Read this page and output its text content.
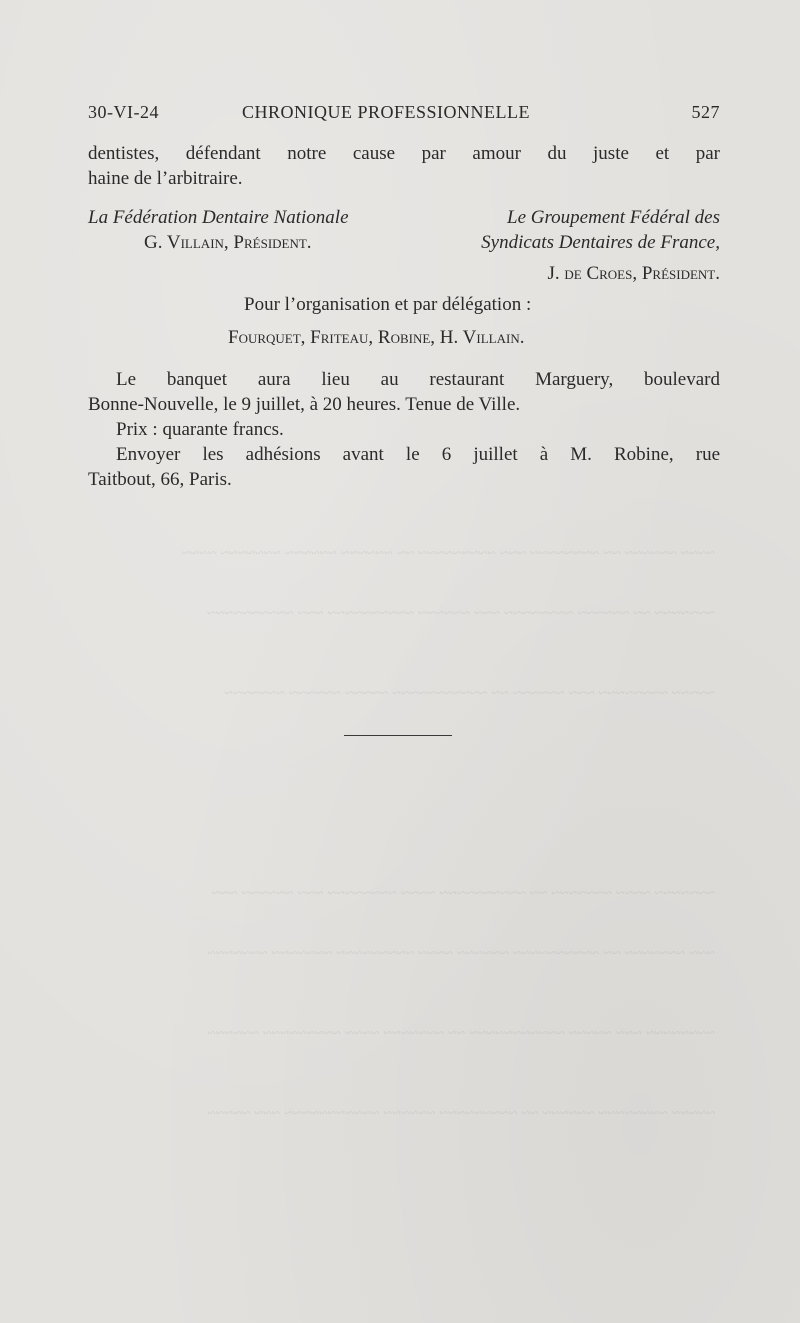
~~~~ ~~~~~~ ~~ ~~~~~~~~ ~~~ ~~~~~~~~~ ~~ ~~~~~~ ~~~~~~ ~~~~~~~ ~~~~
~~~~~~~ ~~ ~~~~~~ ~~~~~~~~ ~~~ ~~~~~~ ~~~~~~~~~~ ~~~ ~~~~~~~~~~
~~~~~ ~~~~~~~~ ~~~ ~~~~~~ ~~ ~~~~~~~~~~~ ~~~~~ ~~~~~~ ~~~~~~~
~~~~~~~ ~~~~ ~~~~~~~ ~~ ~~~~~~~~~~ ~~~~ ~~~~~~~~ ~~~ ~~~~~~ ~~~
~~~ ~~~~~~~ ~~ ~~~~~~~~~~ ~~~~~~ ~~~~ ~~~~~~~~~ ~~~~~~~ ~~~~~~~
~~~~~~~~ ~~~ ~~~~~ ~~~~~~~~~~~ ~~ ~~~~~~~ ~~~~ ~~~~~~~~~ ~~~~~~
~~~~~ ~~~~~~~~ ~~~~~~ ~~ ~~~~~~~~~ ~~~~~~ ~~~~~~~~~~~ ~~~ ~~~~~
30-VI-24	CHRONIQUE PROFESSIONNELLE	527
dentistes, défendant notre cause par amour du juste et par
haine de l’arbitraire.
La Fédération Dentaire Nationale
G. Villain, Président.
Le Groupement Fédéral des
Syndicats Dentaires de France,
J. de Croes, Président.
Pour l’organisation et par délégation :
Fourquet, Friteau, Robine, H. Villain.
Le banquet aura lieu au restaurant Marguery, boulevard
Bonne-Nouvelle, le 9 juillet, à 20 heures. Tenue de Ville.
Prix : quarante francs.
Envoyer les adhésions avant le 6 juillet à M. Robine, rue
Taitbout, 66, Paris.
